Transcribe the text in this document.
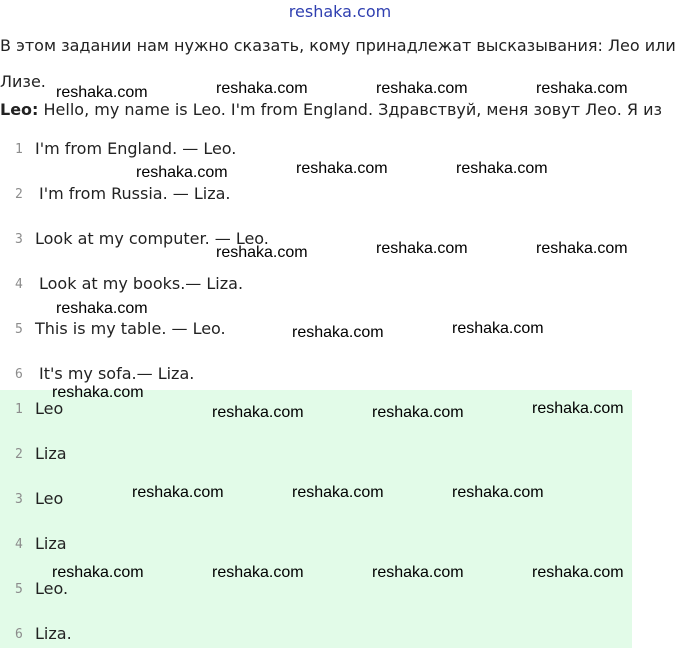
reshaka.com

В этом задании нам нужно сказать, кому принадлежат высказывания: Лео или

Лизе.

Leo: Hello, my name is Leo. I'm from England. Здравствуй, меня зовут Лео. Я из
1 I'm from England. — Leo.
2 I'm from Russia. — Liza.
3 Look at my computer. — Leo.
4 Look at my books.— Liza.
5 This is my table. — Leo.
6 It's my sofa.— Liza.
1 Leo
2 Liza
3 Leo
4 Liza
5 Leo.
6 Liza.
reshaka.com	reshaka.com	reshaka.com	reshaka.com
reshaka.com	reshaka.com
reshaka.com
reshaka.com	reshaka.com	reshaka.com
reshaka.com
reshaka.com	reshaka.com
reshaka.com
reshaka.com	reshaka.com	reshaka.com
reshaka.com	reshaka.com	reshaka.com
reshaka.com	reshaka.com	reshaka.com	reshaka.com
